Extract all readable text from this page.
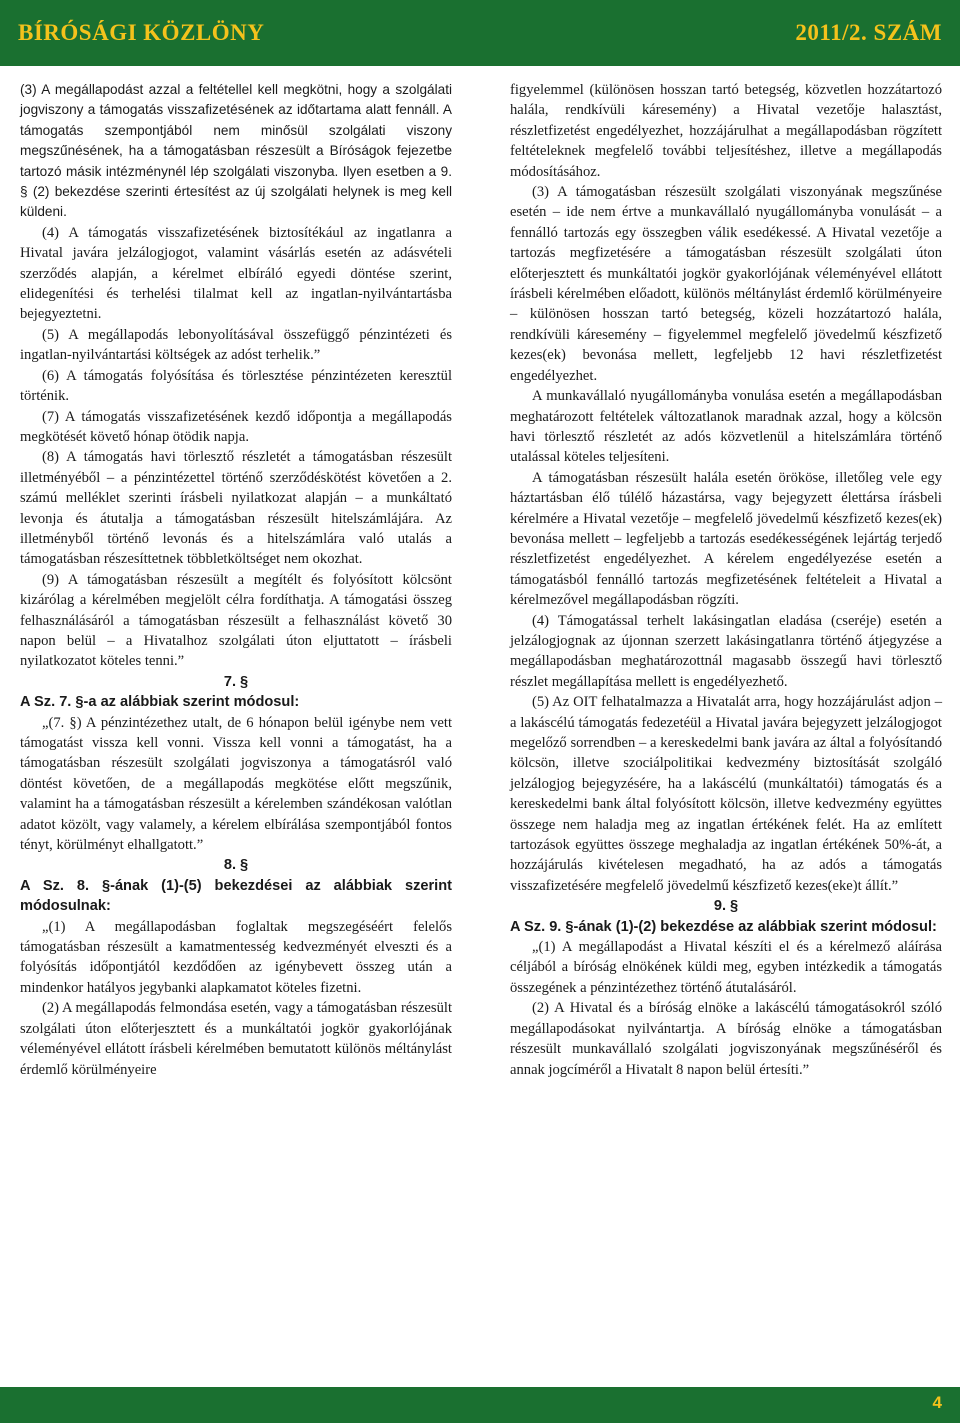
BÍRÓSÁGI KÖZLÖNY	2011/2. SZÁM

(3) A megállapodást azzal a feltétellel kell megkötni, hogy a szolgálati jogviszony a támogatás visszafizetésének az időtartama alatt fennáll. A támogatás szempontjából nem minősül szolgálati viszony megszűnésének, ha a támogatásban részesült a Bíróságok fejezetbe tartozó másik intézménynél lép szolgálati viszonyba. Ilyen esetben a 9. § (2) bekezdése szerinti értesítést az új szolgálati helynek is meg kell küldeni.

(4) A támogatás visszafizetésének biztosítékául az ingatlanra a Hivatal javára jelzálogjogot, valamint vásárlás esetén az adásvételi szerződés alapján, a kérelmet elbíráló egyedi döntése szerint, elidegenítési és terhelési tilalmat kell az ingatlan-nyilvántartásba bejegyeztetni.

(5) A megállapodás lebonyolításával összefüggő pénzintézeti és ingatlan-nyilvántartási költségek az adóst terhelik.”

(6) A támogatás folyósítása és törlesztése pénzintézeten keresztül történik.

(7) A támogatás visszafizetésének kezdő időpontja a megállapodás megkötését követő hónap ötödik napja.

(8) A támogatás havi törlesztő részletét a támogatásban részesült illetményéből – a pénzintézettel történő szerződéskötést követően a 2. számú melléklet szerinti írásbeli nyilatkozat alapján – a munkáltató levonja és átutalja a támogatásban részesült hitelszámlájára. Az illetményből történő levonás és a hitelszámlára való utalás a támogatásban részesíttetnek többletköltséget nem okozhat.

(9) A támogatásban részesült a megítélt és folyósított kölcsönt kizárólag a kérelmében megjelölt célra fordíthatja. A támogatási összeg felhasználásáról a támogatásban részesült a felhasználást követő 30 napon belül – a Hivatalhoz szolgálati úton eljuttatott – írásbeli nyilatkozatot köteles tenni.”

7. §

A Sz. 7. §-a az alábbiak szerint módosul:

„(7. §) A pénzintézethez utalt, de 6 hónapon belül igénybe nem vett támogatást vissza kell vonni. Vissza kell vonni a támogatást, ha a támogatásban részesült szolgálati jogviszonya a támogatásról való döntést követően, de a megállapodás megkötése előtt megszűnik, valamint ha a támogatásban részesült a kérelemben szándékosan valótlan adatot közölt, vagy valamely, a kérelem elbírálása szempontjából fontos tényt, körülményt elhallgatott.”

8. §

A Sz. 8. §-ának (1)-(5) bekezdései az alábbiak szerint módosulnak:

„(1) A megállapodásban foglaltak megszegéséért felelős támogatásban részesült a kamatmentesség kedvezményét elveszti és a folyósítás időpontjától kezdődően az igénybevett összeg után a mindenkor hatályos jegybanki alapkamatot köteles fizetni.

(2) A megállapodás felmondása esetén, vagy a támogatásban részesült szolgálati úton előterjesztett és a munkáltatói jogkör gyakorlójának véleményével ellátott írásbeli kérelmében bemutatott különös méltánylást érdemlő körülményeire

figyelemmel (különösen hosszan tartó betegség, közvetlen hozzátartozó halála, rendkívüli káresemény) a Hivatal vezetője halasztást, részletfizetést engedélyezhet, hozzájárulhat a megállapodásban rögzített feltételeknek megfelelő további teljesítéshez, illetve a megállapodás módosításához.

(3) A támogatásban részesült szolgálati viszonyának megszűnése esetén – ide nem értve a munkavállaló nyugállományba vonulását – a fennálló tartozás egy összegben válik esedékessé. A Hivatal vezetője a tartozás megfizetésére a támogatásban részesült szolgálati úton előterjesztett és munkáltatói jogkör gyakorlójának véleményével ellátott írásbeli kérelmében előadott, különös méltánylást érdemlő körülményeire – különösen hosszan tartó betegség, közeli hozzátartozó halála, rendkívüli káresemény – figyelemmel megfelelő jövedelmű készfizető kezes(ek) bevonása mellett, legfeljebb 12 havi részletfizetést engedélyezhet.

A munkavállaló nyugállományba vonulása esetén a megállapodásban meghatározott feltételek változatlanok maradnak azzal, hogy a kölcsön havi törlesztő részletét az adós közvetlenül a hitelszámlára történő utalással köteles teljesíteni.

A támogatásban részesült halála esetén örököse, illetőleg vele egy háztartásban élő túlélő házastársa, vagy bejegyzett élettársa írásbeli kérelmére a Hivatal vezetője – megfelelő jövedelmű készfizető kezes(ek) bevonása mellett – legfeljebb a tartozás esedékességének lejártág terjedő részletfizetést engedélyezhet. A kérelem engedélyezése esetén a támogatásból fennálló tartozás megfizetésének feltételeit a Hivatal a kérelmezővel megállapodásban rögzíti.

(4) Támogatással terhelt lakásingatlan eladása (cseréje) esetén a jelzálogjognak az újonnan szerzett lakásingatlanra történő átjegyzése a megállapodásban meghatározottnál magasabb összegű havi törlesztő részlet megállapítása mellett is engedélyezhető.

(5) Az OIT felhatalmazza a Hivatalát arra, hogy hozzájárulást adjon – a lakáscélú támogatás fedezetéül a Hivatal javára bejegyzett jelzálogjogot megelőző sorrendben – a kereskedelmi bank javára az által a folyósítandó kölcsön, illetve szociálpolitikai kedvezmény biztosítását szolgáló jelzálogjog bejegyzésére, ha a lakáscélú (munkáltatói) támogatás és a kereskedelmi bank által folyósított kölcsön, illetve kedvezmény együttes összege nem haladja meg az ingatlan értékének felét. Ha az említett tartozások együttes összege meghaladja az ingatlan értékének 50%-át, a hozzájárulás kivételesen megadható, ha az adós a támogatás visszafizetésére megfelelő jövedelmű készfizető kezes(eke)t állít.”

9. §

A Sz. 9. §-ának (1)-(2) bekezdése az alábbiak szerint módosul:

„(1) A megállapodást a Hivatal készíti el és a kérelmező aláírása céljából a bíróság elnökének küldi meg, egyben intézkedik a támogatás összegének a pénzintézethez történő átutalásáról.

(2) A Hivatal és a bíróság elnöke a lakáscélú támogatásokról szóló megállapodásokat nyilvántartja. A bíróság elnöke a támogatásban részesült munkavállaló szolgálati jogviszonyának megszűnéséről és annak jogcíméről a Hivatalt 8 napon belül értesíti.”

4
